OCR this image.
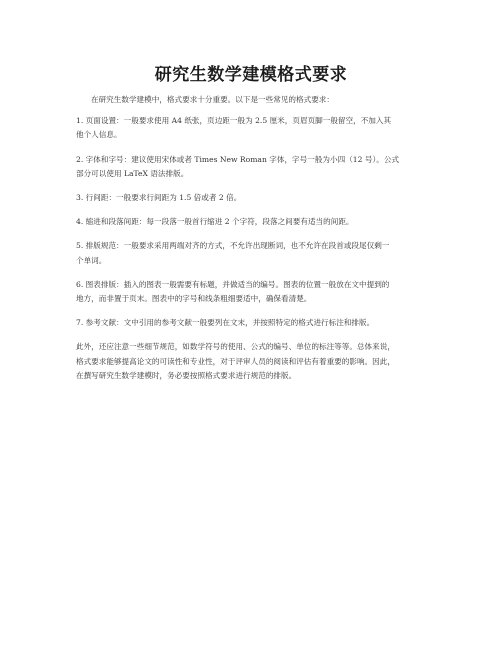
研究生数学建模格式要求

在研究生数学建模中，格式要求十分重要。以下是一些常见的格式要求：

1. 页面设置：一般要求使用 A4 纸张，页边距一般为 2.5 厘米，页眉页脚一般留空，不加入其
他个人信息。

2. 字体和字号：建议使用宋体或者 Times New Roman 字体，字号一般为小四（12 号）。公式
部分可以使用 LaTeX 语法排版。

3. 行间距：一般要求行间距为 1.5 倍或者 2 倍。

4. 缩进和段落间距：每一段落一般首行缩进 2 个字符，段落之间要有适当的间距。

5. 排版规范：一般要求采用两端对齐的方式，不允许出现断词，也不允许在段首或段尾仅剩一
个单词。

6. 图表排版：插入的图表一般需要有标题，并做适当的编号。图表的位置一般放在文中提到的
地方，而非置于页末。图表中的字号和线条粗细要适中，确保看清楚。

7. 参考文献：文中引用的参考文献一般要列在文末，并按照特定的格式进行标注和排版。

此外，还应注意一些细节规范，如数学符号的使用、公式的编号、单位的标注等等。总体来说，
格式要求能够提高论文的可读性和专业性，对于评审人员的阅读和评估有着重要的影响。因此，
在撰写研究生数学建模时，务必要按照格式要求进行规范的排版。
